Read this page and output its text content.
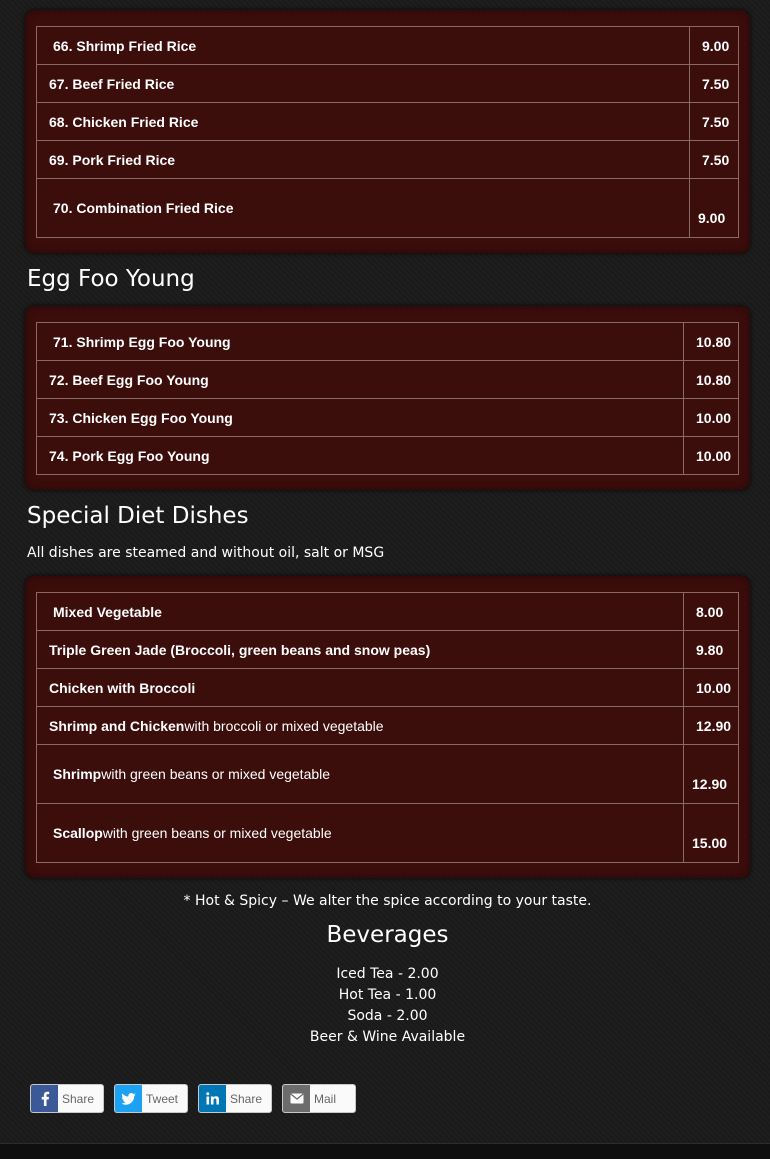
66. Shrimp Fried Rice	9.00
67. Beef Fried Rice	7.50
68. Chicken Fried Rice	7.50
69. Pork Fried Rice	7.50
70. Combination Fried Rice	9.00
Egg Foo Young
71. Shrimp Egg Foo Young	10.80
72. Beef Egg Foo Young	10.80
73. Chicken Egg Foo Young	10.00
74. Pork Egg Foo Young	10.00
Special Diet Dishes

All dishes are steamed and without oil, salt or MSG

Mixed Vegetable	8.00
Triple Green Jade (Broccoli, green beans and snow peas)	9.80
Chicken with Broccoli	10.00
Shrimp and Chickenwith broccoli or mixed vegetable	12.90
Shrimpwith green beans or mixed vegetable	12.90
Scallopwith green beans or mixed vegetable	15.00

* Hot & Spicy – We alter the spice according to your taste.

Beverages
Iced Tea - 2.00
Hot Tea - 1.00
Soda - 2.00
Beer & Wine Available
Share	Tweet	Share	Mail
